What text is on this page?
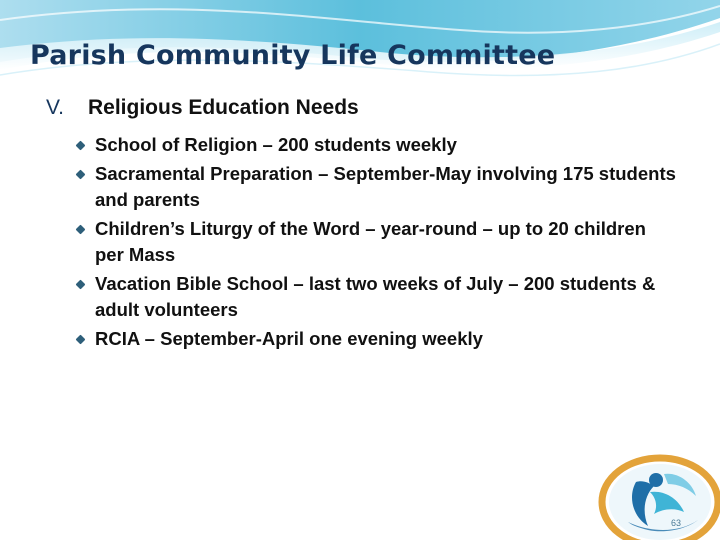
Parish Community Life Committee
V. Religious Education Needs
School of Religion – 200 students weekly
Sacramental Preparation – September-May involving 175 students and parents
Children’s Liturgy of the Word – year-round – up to 20 children per Mass
Vacation Bible School – last two weeks of July – 200 students & adult volunteers
RCIA – September-April one evening weekly
63
